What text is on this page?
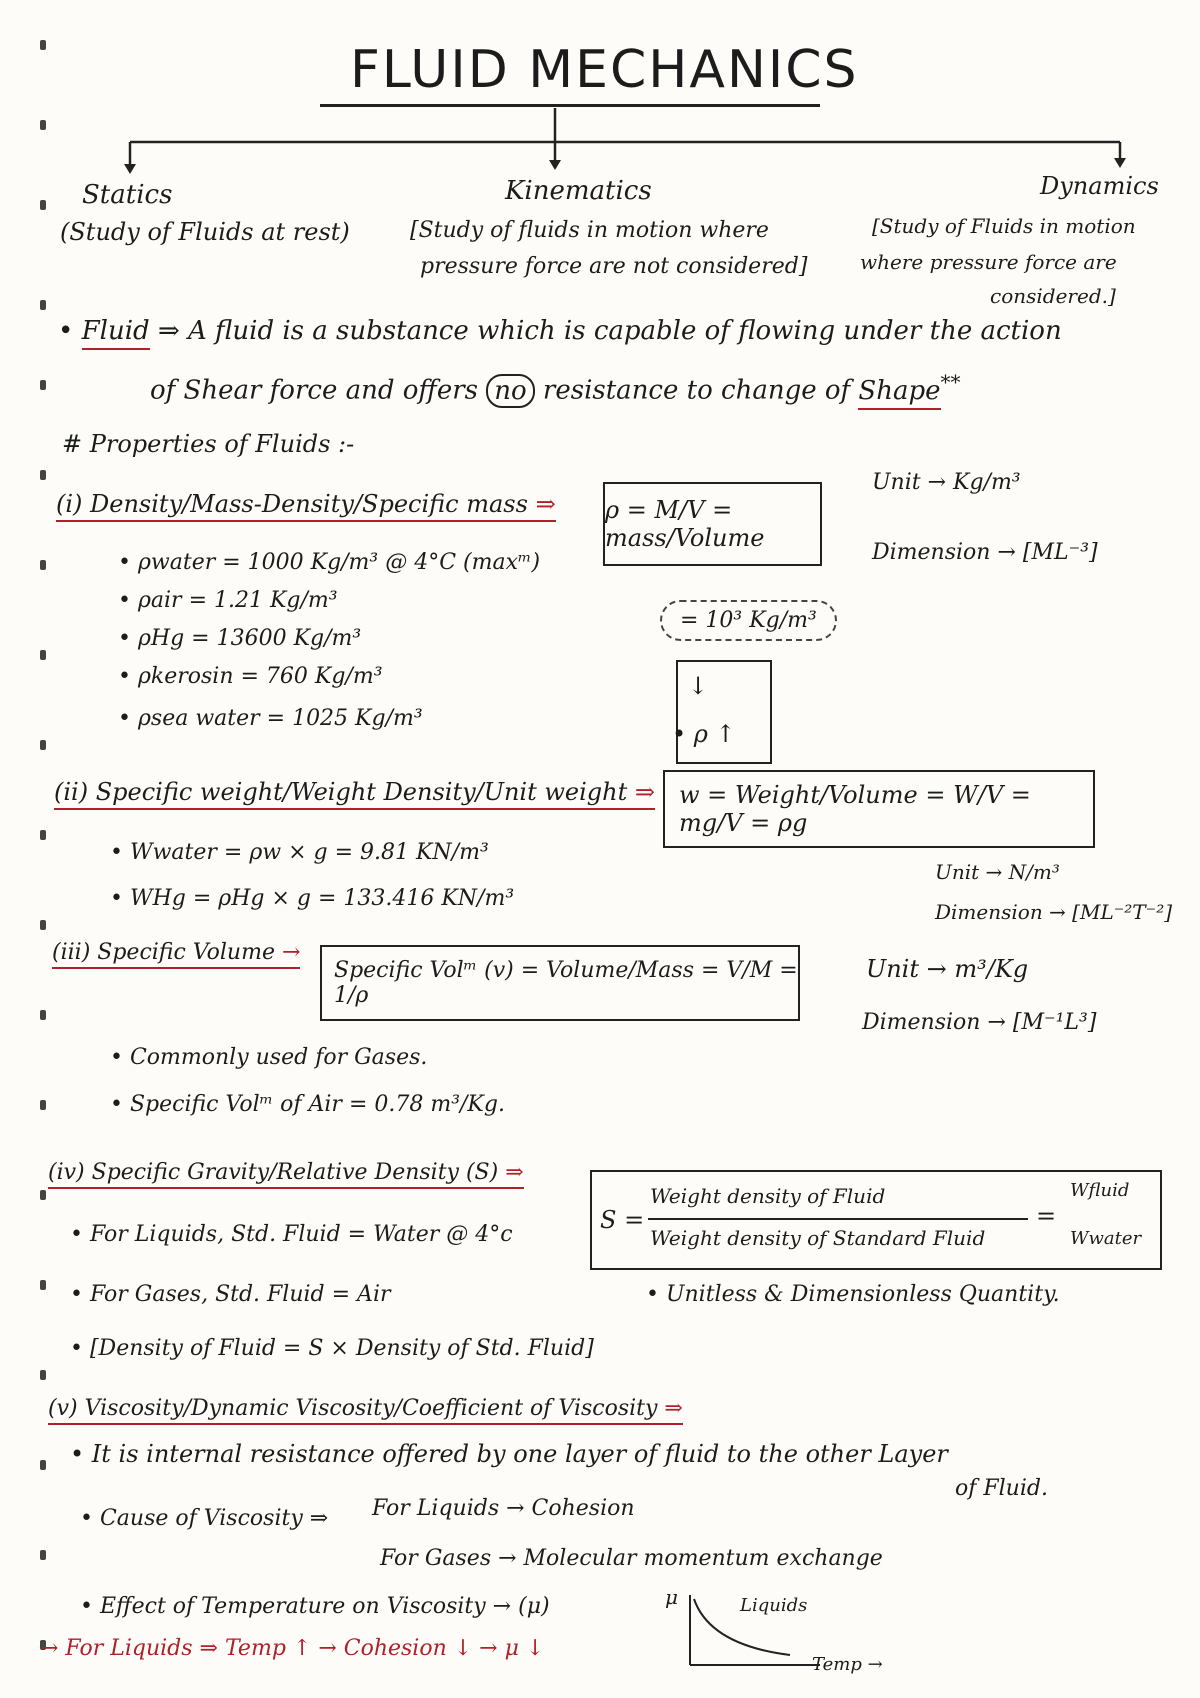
FLUID MECHANICS
Statics
(Study of Fluids at rest)
Kinematics
[Study of fluids in motion where
pressure force are not considered]
Dynamics
[Study of Fluids in motion
where pressure force are
considered.]
• Fluid ⇒ A fluid is a substance which is capable of flowing under the action
of Shear force and offers no resistance to change of Shape**
# Properties of Fluids :-
(i) Density/Mass-Density/Specific mass ⇒ ρ = M/V = mass/Volume
Unit → Kg/m³
Dimension → [ML⁻³]
• ρwater = 1000 Kg/m³ @ 4°C (maxᵐ)
• ρair = 1.21 Kg/m³
• ρHg = 13600 Kg/m³
• ρkerosin = 760 Kg/m³
• ρsea water = 1025 Kg/m³
= 10³ Kg/m³
↓
• ρ ↑
(ii) Specific weight/Weight Density/Unit weight ⇒ w = Weight/Volume = W/V = mg/V = ρg
Unit → N/m³
Dimension → [ML⁻²T⁻²]
• Wwater = ρw × g = 9.81 KN/m³
• WHg = ρHg × g = 133.416 KN/m³
(iii) Specific Volume →
Specific Volᵐ (v) = Volume/Mass = V/M = 1/ρ
Unit → m³/Kg
Dimension → [M⁻¹L³]
• Commonly used for Gases.
• Specific Volᵐ of Air = 0.78 m³/Kg.
(iv) Specific Gravity/Relative Density (S) ⇒
S =
Weight density of Fluid
Weight density of Standard Fluid
=
Wfluid
Wwater
• Unitless & Dimensionless Quantity.
• For Liquids, Std. Fluid = Water @ 4°c
• For Gases, Std. Fluid = Air
• [Density of Fluid = S × Density of Std. Fluid]
(v) Viscosity/Dynamic Viscosity/Coefficient of Viscosity ⇒
• It is internal resistance offered by one layer of fluid to the other Layer
of Fluid.
• Cause of Viscosity ⇒ For Liquids → Cohesion
For Gases → Molecular momentum exchange
• Effect of Temperature on Viscosity → (μ)
→ For Liquids ⇒ Temp ↑ → Cohesion ↓ → μ ↓
μ	Liquids
Temp →
